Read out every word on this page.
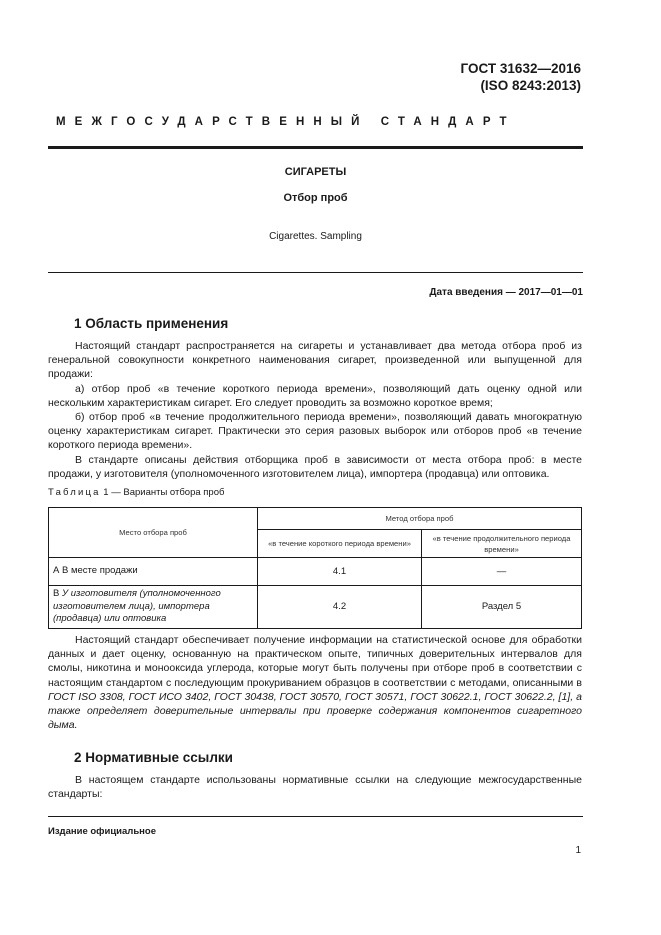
ГОСТ 31632—2016
(ISO 8243:2013)
МЕЖГОСУДАРСТВЕННЫЙ СТАНДАРТ
СИГАРЕТЫ
Отбор проб
Cigarettes. Sampling
Дата введения — 2017—01—01
1 Область применения

Настоящий стандарт распространяется на сигареты и устанавливает два метода отбора проб из генеральной совокупности конкретного наименования сигарет, произведенной или выпущенной для продажи:

а) отбор проб «в течение короткого периода времени», позволяющий дать оценку одной или нескольким характеристикам сигарет. Его следует проводить за возможно короткое время;

б) отбор проб «в течение продолжительного периода времени», позволяющий давать многократную оценку характеристикам сигарет. Практически это серия разовых выборок или отборов проб «в течение короткого периода времени».

В стандарте описаны действия отборщика проб в зависимости от места отбора проб: в месте продажи, у изготовителя (уполномоченного изготовителем лица), импортера (продавца) или оптовика.

Таблица 1 — Варианты отбора проб
Место отбора проб	Метод отбора проб	
	«в течение короткого периода времени»	«в течение продолжительного периода времени»
А В месте продажи	4.1	—
В У изготовителя (уполномоченного изготовителем лица), импортера (продавца) или оптовика	4.2	Раздел 5

Настоящий стандарт обеспечивает получение информации на статистической основе для обработки данных и дает оценку, основанную на практическом опыте, типичных доверительных интервалов для смолы, никотина и монооксида углерода, которые могут быть получены при отборе проб в соответствии с настоящим стандартом с последующим прокуриванием образцов в соответствии с методами, описанными в ГОСТ ISO 3308, ГОСТ ИСО 3402, ГОСТ 30438, ГОСТ 30570, ГОСТ 30571, ГОСТ 30622.1, ГОСТ 30622.2, [1], а также определяет доверительные интервалы при проверке содержания компонентов сигаретного дыма.

2 Нормативные ссылки

В настоящем стандарте использованы нормативные ссылки на следующие межгосударственные стандарты:

Издание официальное
1
